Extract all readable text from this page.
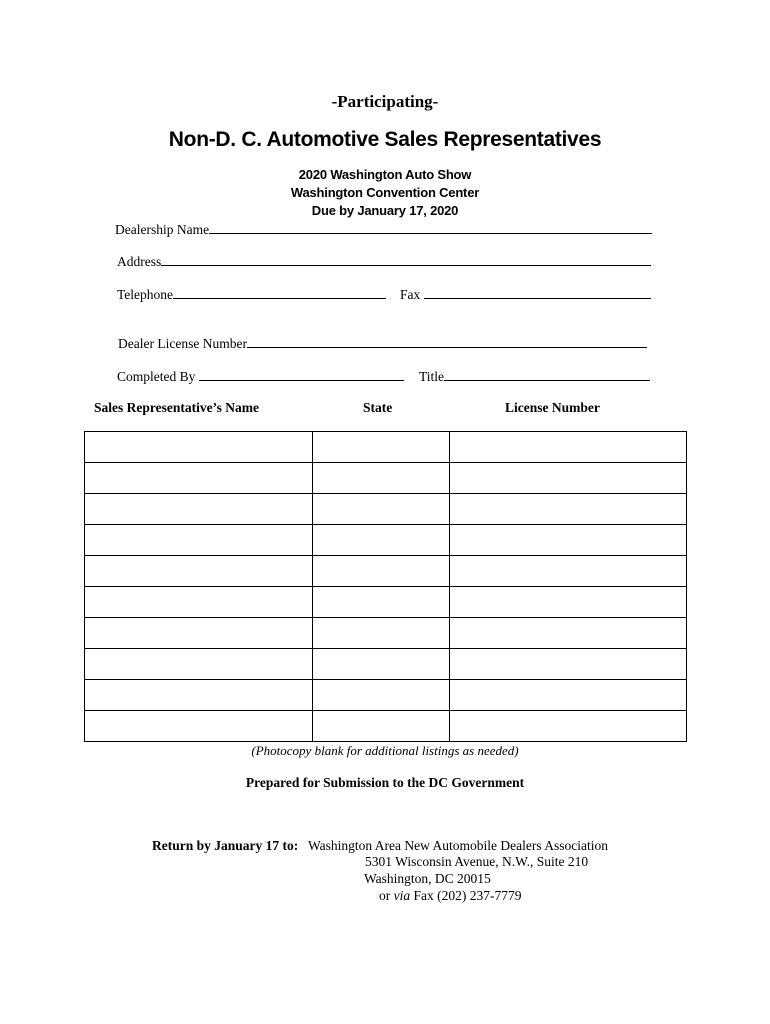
-Participating-
Non-D. C. Automotive Sales Representatives
2020 Washington Auto Show
Washington Convention Center
Due by January 17, 2020
Dealership Name
Address
Telephone	Fax
Dealer License Number
Completed By	Title
Sales Representative’s Name	State	License Number

(Photocopy blank for additional listings as needed)
Prepared for Submission to the DC Government
Return by January 17 to: Washington Area New Automobile Dealers Association
5301 Wisconsin Avenue, N.W., Suite 210
Washington, DC 20015
or via Fax (202) 237-7779
